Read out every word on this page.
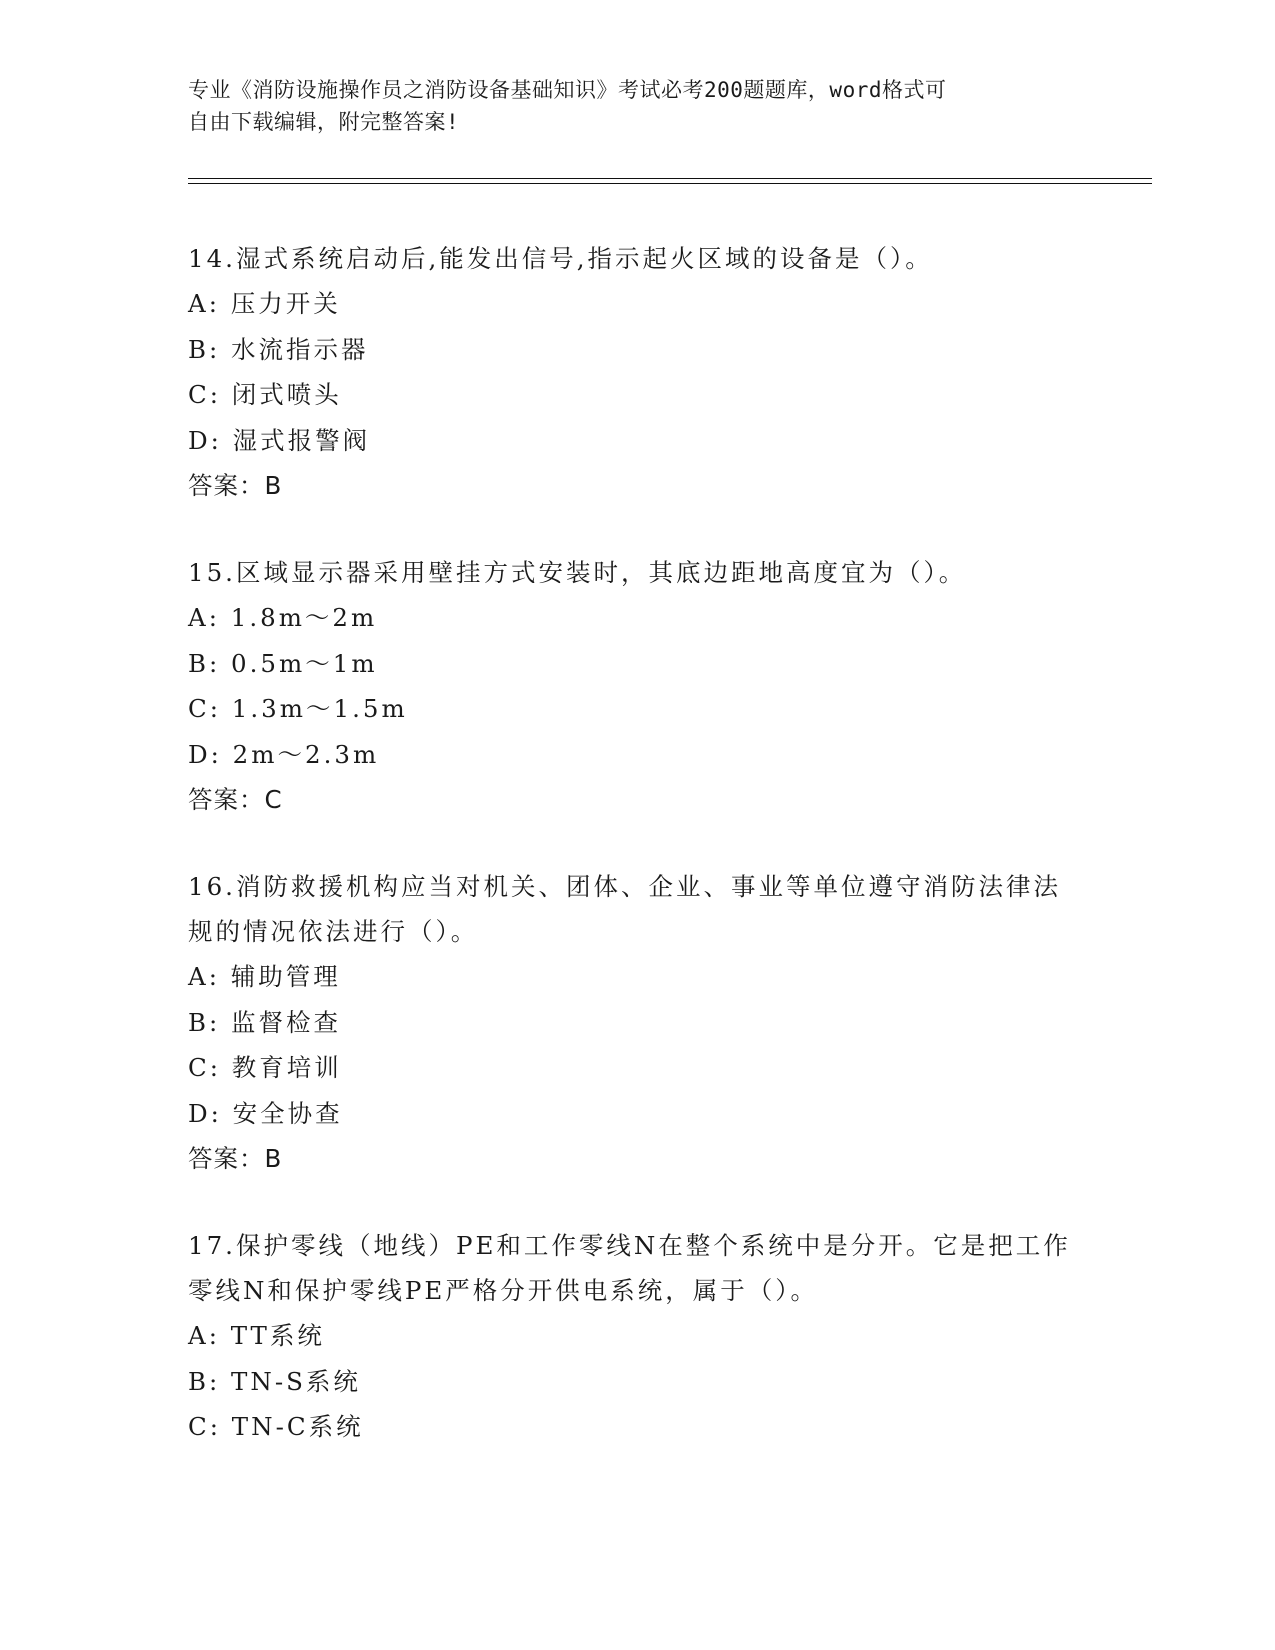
专业《消防设施操作员之消防设备基础知识》考试必考200题题库，word格式可
自由下载编辑，附完整答案!

14.湿式系统启动后,能发出信号,指示起火区域的设备是（）。

A: 压力开关

B: 水流指示器

C: 闭式喷头

D: 湿式报警阀

答案：B

15.区域显示器采用壁挂方式安装时，其底边距地高度宜为（）。

A: 1.8m～2m

B: 0.5m～1m

C: 1.3m～1.5m

D: 2m～2.3m

答案：C

16.消防救援机构应当对机关、团体、企业、事业等单位遵守消防法律法规的情况依法进行（）。

A: 辅助管理

B: 监督检查

C: 教育培训

D: 安全协查

答案：B

17.保护零线（地线）PE和工作零线N在整个系统中是分开。它是把工作零线N和保护零线PE严格分开供电系统，属于（）。

A: TT系统

B: TN-S系统

C: TN-C系统
